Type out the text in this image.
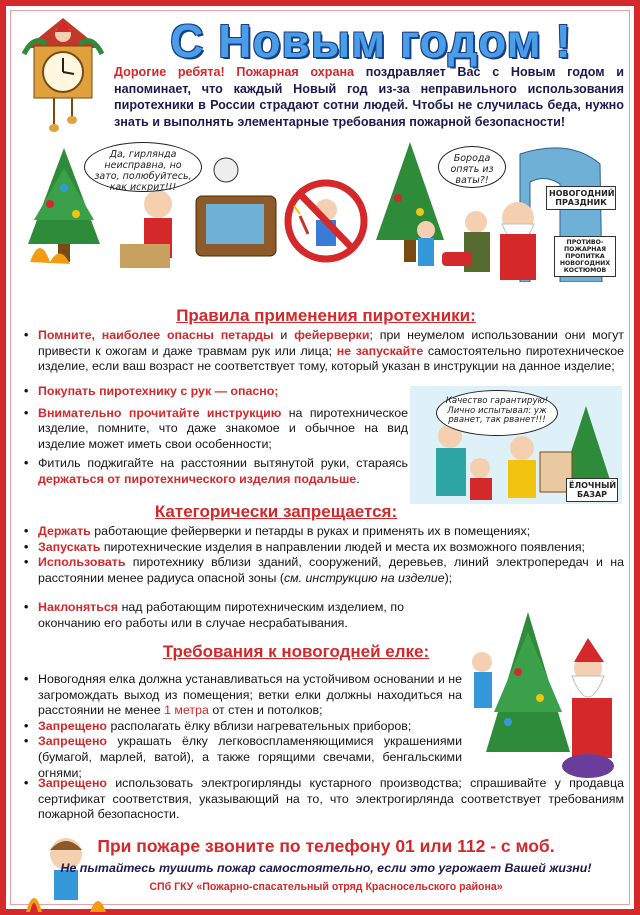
С Новым годом !
Дорогие ребята! Пожарная охрана поздравляет Вас с Новым годом и напоминает, что каждый Новый год из-за неправильного использования пиротехники в России страдают сотни людей. Чтобы не случилась беда, нужно знать и выполнять элементарные требования пожарной безопасности!
Да, гирлянда неисправна, но зато, полюбуйтесь, как искрит!!!
Борода опять из ваты?!
НОВОГОДНИЙ ПРАЗДНИК
ПРОТИВО-ПОЖАРНАЯ ПРОПИТКА НОВОГОДНИХ КОСТЮМОВ
Правила применения пиротехники:

• Помните, наиболее опасны петарды и фейерверки; при неумелом использовании они могут привести к ожогам и даже травмам рук или лица; не запускайте самостоятельно пиротехническое изделие, если ваш возраст не соответствует тому, который указан в инструкции на данное изделие;

• Покупать пиротехнику с рук — опасно;

• Внимательно прочитайте инструкцию на пиротехническое изделие, помните, что даже знакомое и обычное на вид изделие может иметь свои особенности;

• Фитиль поджигайте на расстоянии вытянутой руки, стараясь держаться от пиротехнического изделия подальше.

Качество гарантирую! Лично испытывал: уж рванет, так рванет!!!
ЁЛОЧНЫЙ БАЗАР
Категорически запрещается:

• Держать работающие фейерверки и петарды в руках и применять их в помещениях;

• Запускать пиротехнические изделия в направлении людей и места их возможного появления;

• Использовать пиротехнику вблизи зданий, сооружений, деревьев, линий электропередач и на расстоянии менее радиуса опасной зоны (см. инструкцию на изделие);

• Наклоняться над работающим пиротехническим изделием, по окончанию его работы или в случае несрабатывания.

Требования к новогодней елке:

• Новогодняя елка должна устанавливаться на устойчивом основании и не загромождать выход из помещения; ветки елки должны находиться на расстоянии не менее 1 метра от стен и потолков;

• Запрещено располагать ёлку вблизи нагревательных приборов;

• Запрещено украшать ёлку легковоспламеняющимися украшениями (бумагой, марлей, ватой), а также горящими свечами, бенгальскими огнями;

• Запрещено использовать электрогирлянды кустарного производства; спрашивайте у продавца сертификат соответствия, указывающий на то, что электрогирлянда соответствует требованиям пожарной безопасности.

При пожаре звоните по телефону 01 или 112 - с моб.
Не пытайтесь тушить пожар самостоятельно, если это угрожает Вашей жизни!
СПб ГКУ «Пожарно-спасательный отряд Красносельского района»
